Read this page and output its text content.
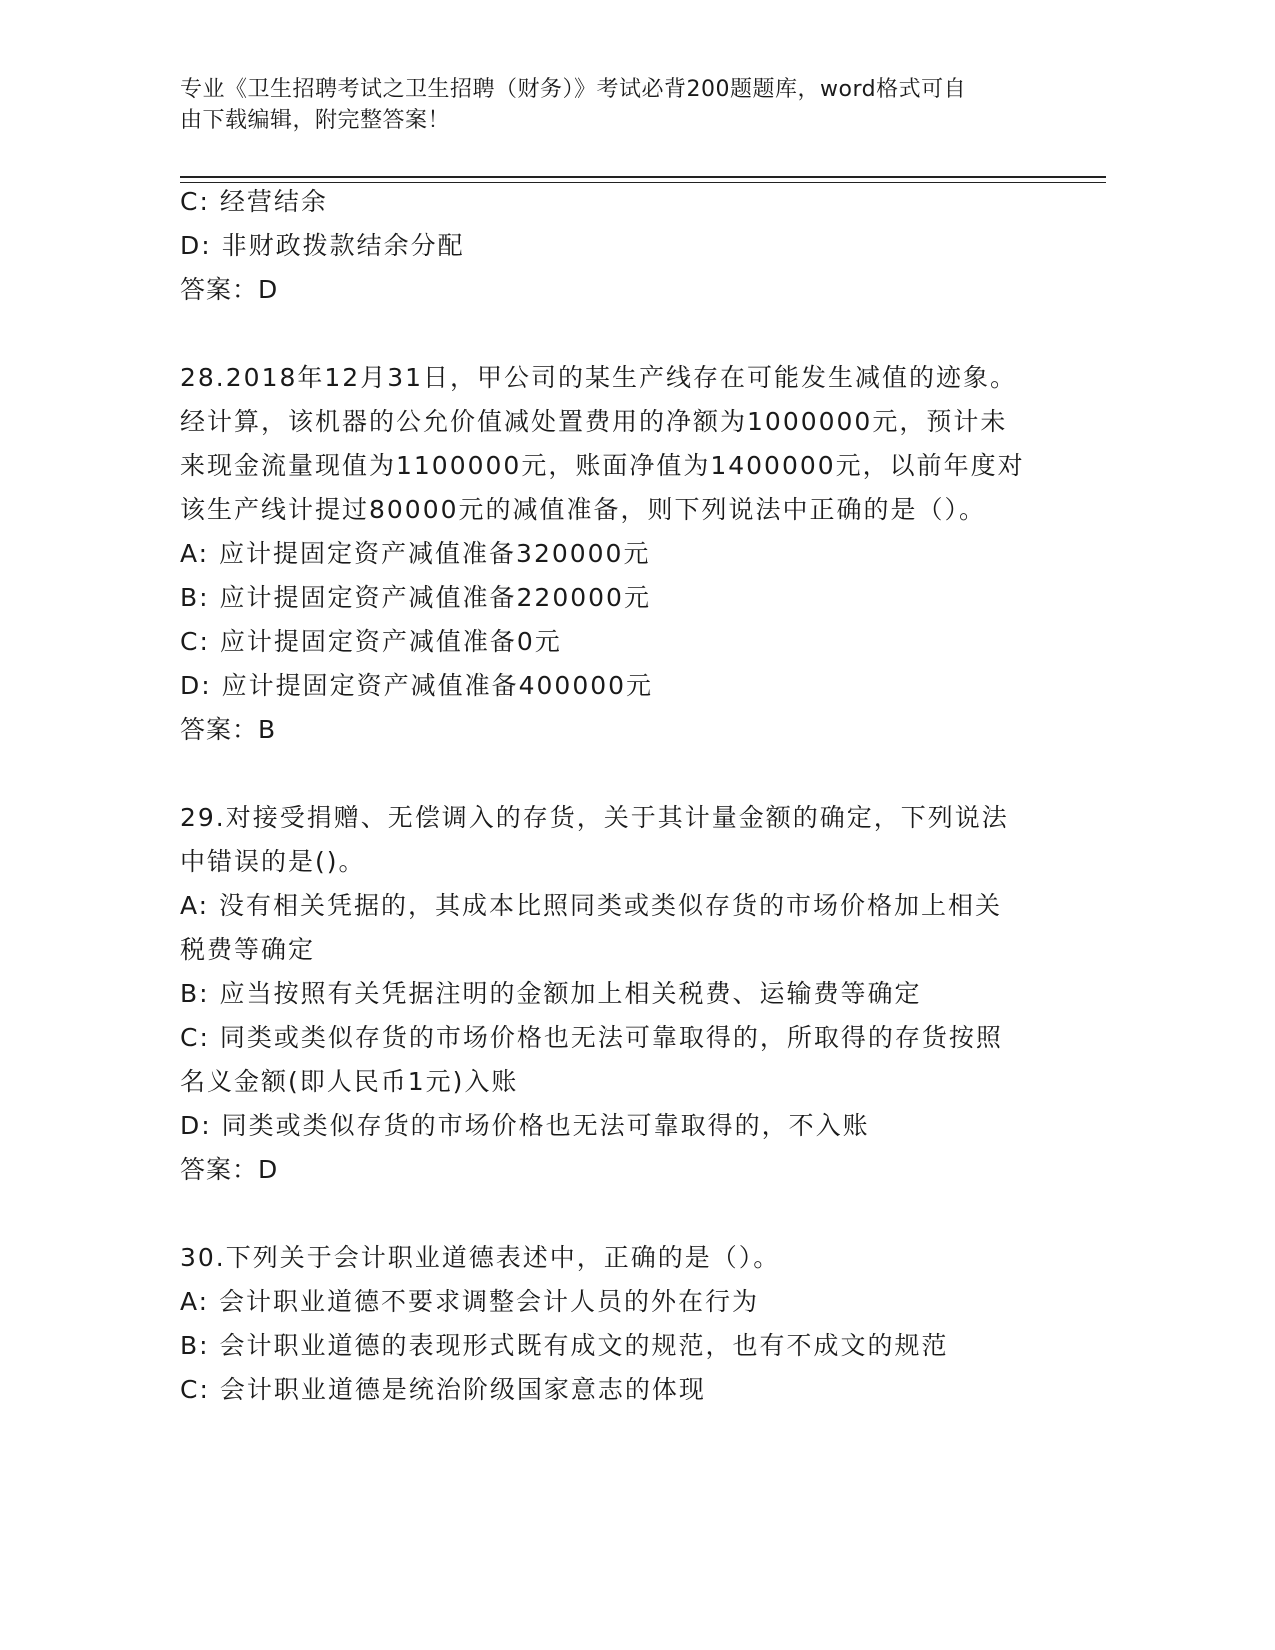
专业《卫生招聘考试之卫生招聘（财务）》考试必背200题题库，word格式可自
由下载编辑，附完整答案！
C: 经营结余
D: 非财政拨款结余分配
答案：D
28.2018年12月31日，甲公司的某生产线存在可能发生减值的迹象。
经计算，该机器的公允价值减处置费用的净额为1000000元，预计未
来现金流量现值为1100000元，账面净值为1400000元，以前年度对
该生产线计提过80000元的减值准备，则下列说法中正确的是（）。
A: 应计提固定资产减值准备320000元
B: 应计提固定资产减值准备220000元
C: 应计提固定资产减值准备0元
D: 应计提固定资产减值准备400000元
答案：B
29.对接受捐赠、无偿调入的存货，关于其计量金额的确定，下列说法
中错误的是()。
A: 没有相关凭据的，其成本比照同类或类似存货的市场价格加上相关
税费等确定
B: 应当按照有关凭据注明的金额加上相关税费、运输费等确定
C: 同类或类似存货的市场价格也无法可靠取得的，所取得的存货按照
名义金额(即人民币1元)入账
D: 同类或类似存货的市场价格也无法可靠取得的，不入账
答案：D
30.下列关于会计职业道德表述中，正确的是（）。
A: 会计职业道德不要求调整会计人员的外在行为
B: 会计职业道德的表现形式既有成文的规范，也有不成文的规范
C: 会计职业道德是统治阶级国家意志的体现
